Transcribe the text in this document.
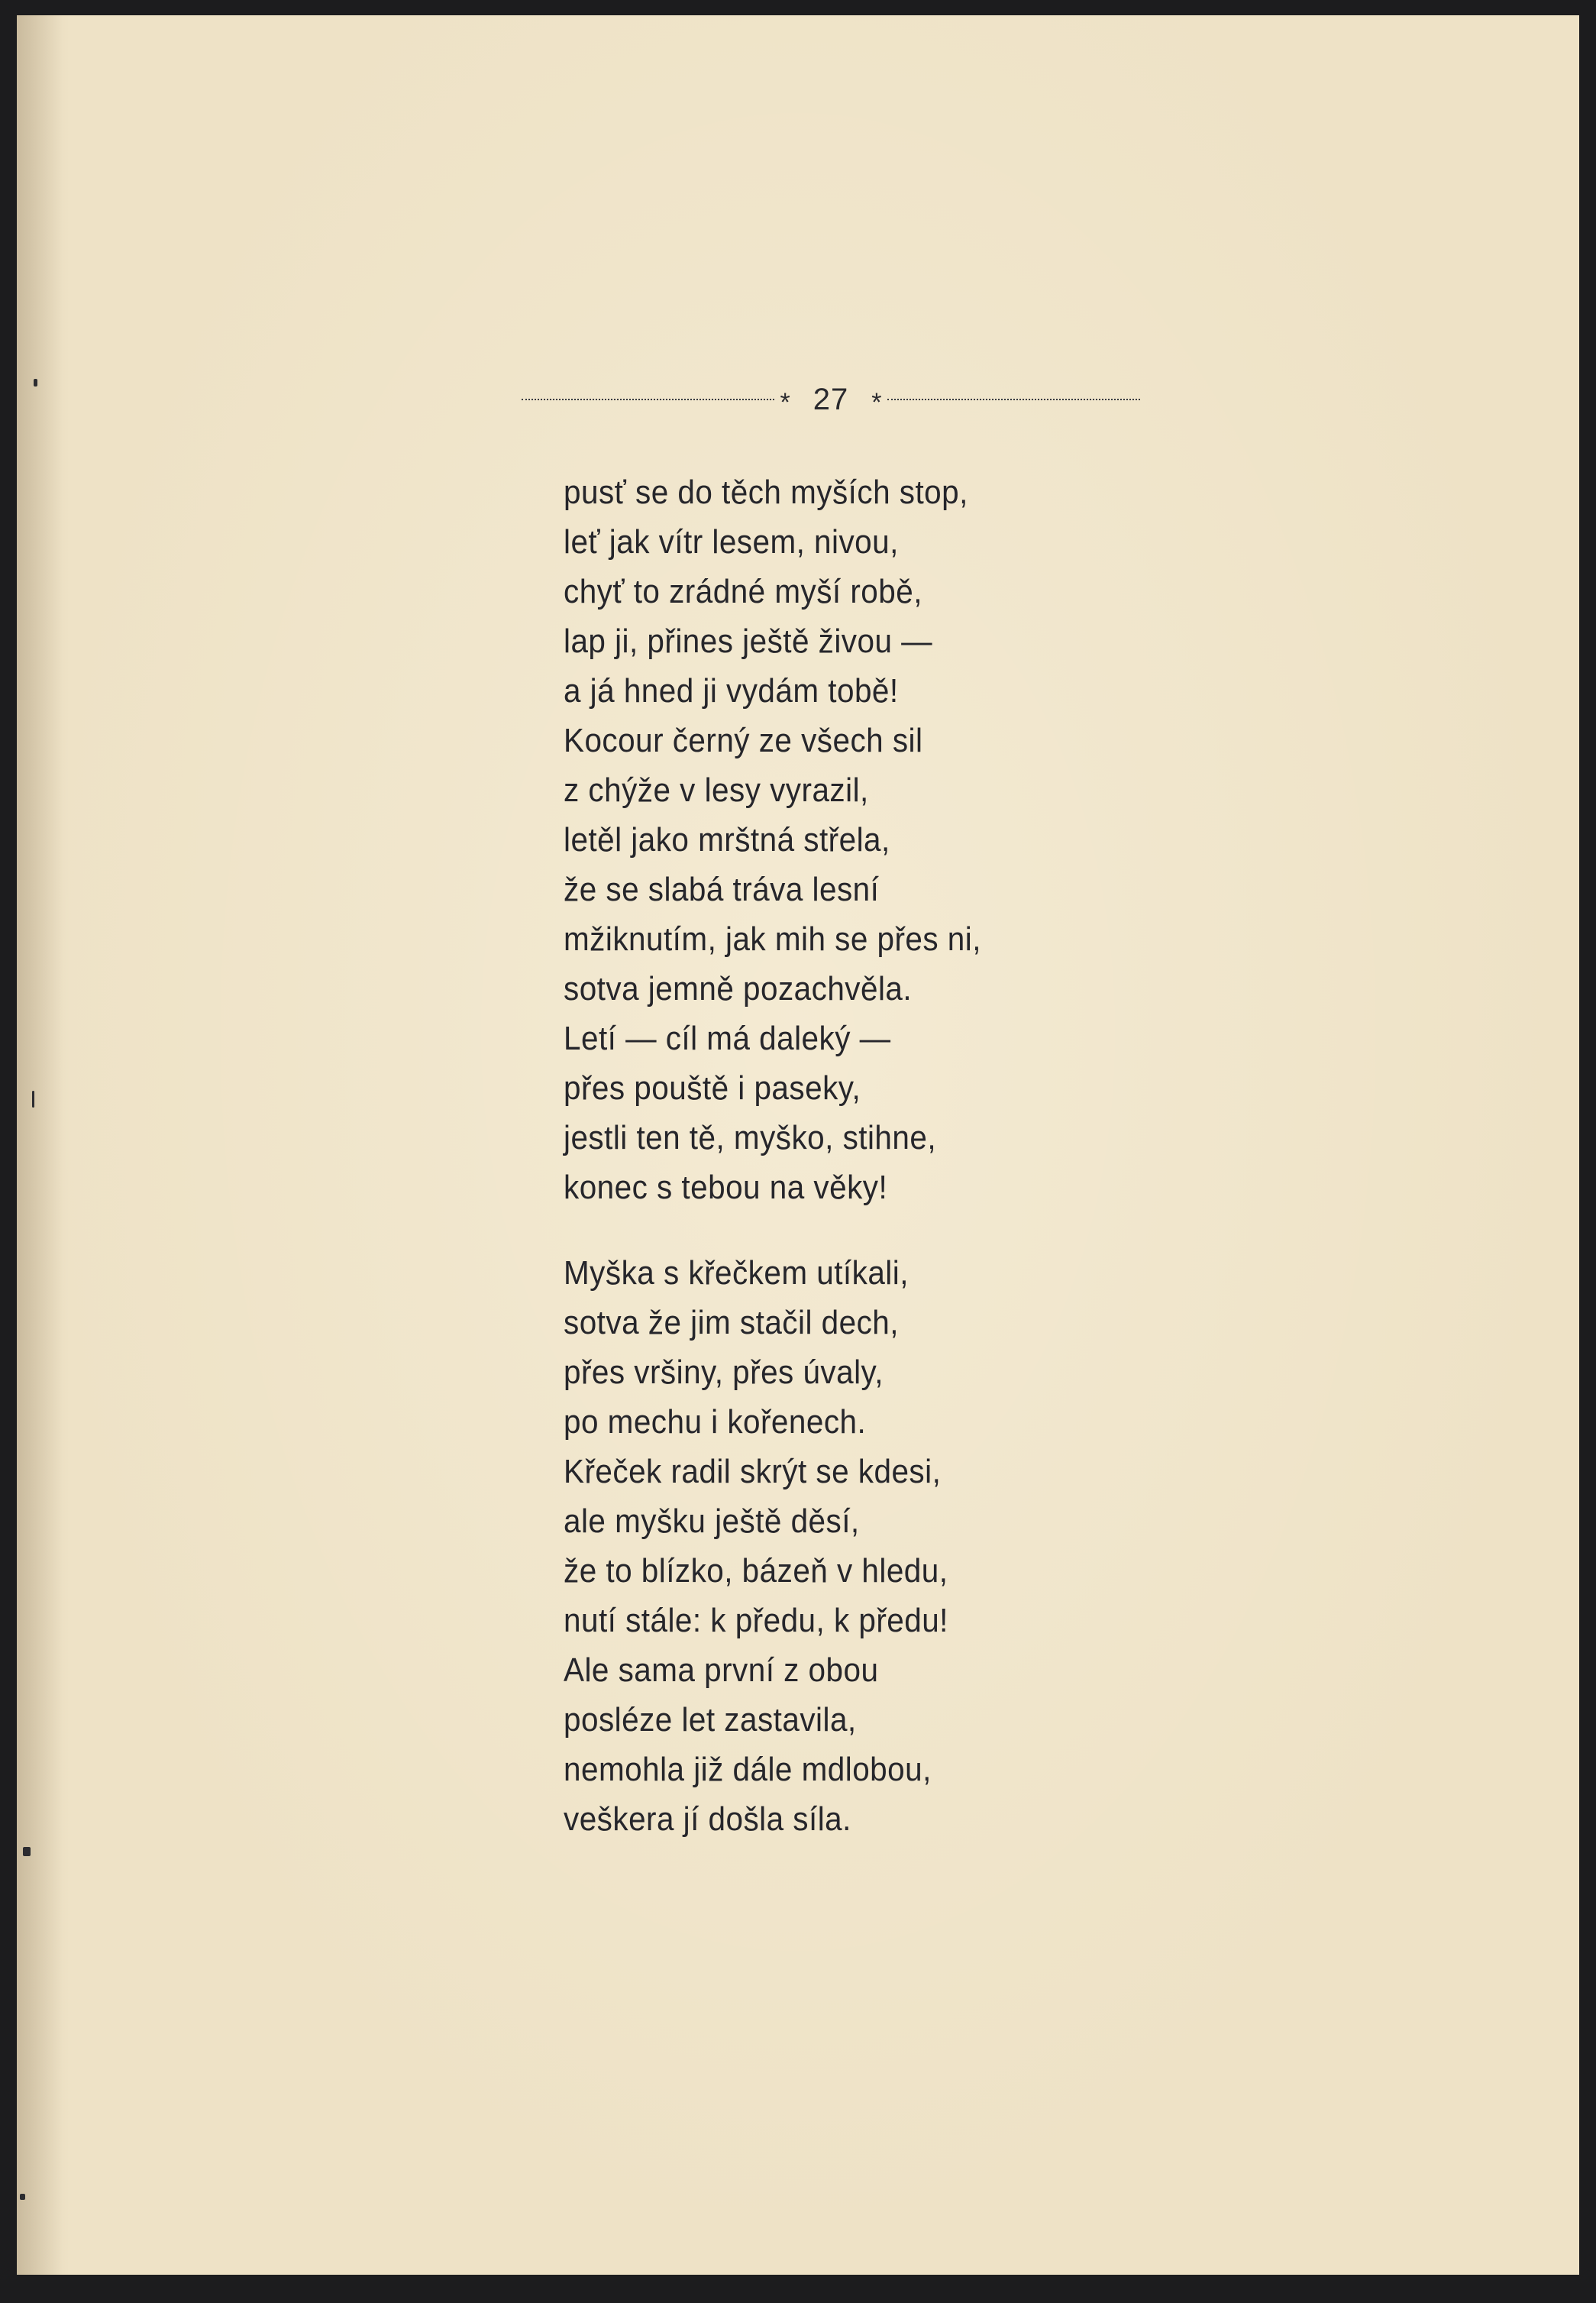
* 27 *
pusť se do těch myších stop,
leť jak vítr lesem, nivou,
chyť to zrádné myší robě,
lap ji, přines ještě živou —
a já hned ji vydám tobě!
Kocour černý ze všech sil
z chýže v lesy vyrazil,
letěl jako mrštná střela,
že se slabá tráva lesní
mžiknutím, jak mih se přes ni,
sotva jemně pozachvěla.
Letí — cíl má daleký —
přes pouště i paseky,
jestli ten tě, myško, stihne,
konec s tebou na věky!
Myška s křečkem utíkali,
sotva že jim stačil dech,
přes vršiny, přes úvaly,
po mechu i kořenech.
Křeček radil skrýt se kdesi,
ale myšku ještě děsí,
že to blízko, bázeň v hledu,
nutí stále: k předu, k předu!
Ale sama první z obou
posléze let zastavila,
nemohla již dále mdlobou,
veškera jí došla síla.
